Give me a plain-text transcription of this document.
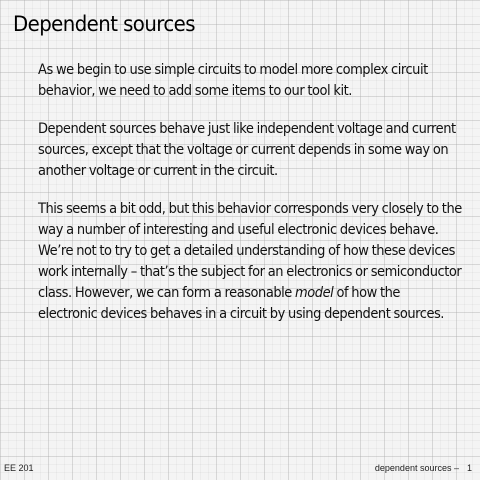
Dependent sources

As we begin to use simple circuits to model more complex circuit
behavior, we need to add some items to our tool kit.

Dependent sources behave just like independent voltage and current
sources, except that the voltage or current depends in some way on
another voltage or current in the circuit.

This seems a bit odd, but this behavior corresponds very closely to the
way a number of interesting and useful electronic devices behave.
We’re not to try to get a detailed understanding of how these devices
work internally – that’s the subject for an electronics or semiconductor
class. However, we can form a reasonable model of how the
electronic devices behaves in a circuit by using dependent sources.

EE 201	dependent sources – 1
